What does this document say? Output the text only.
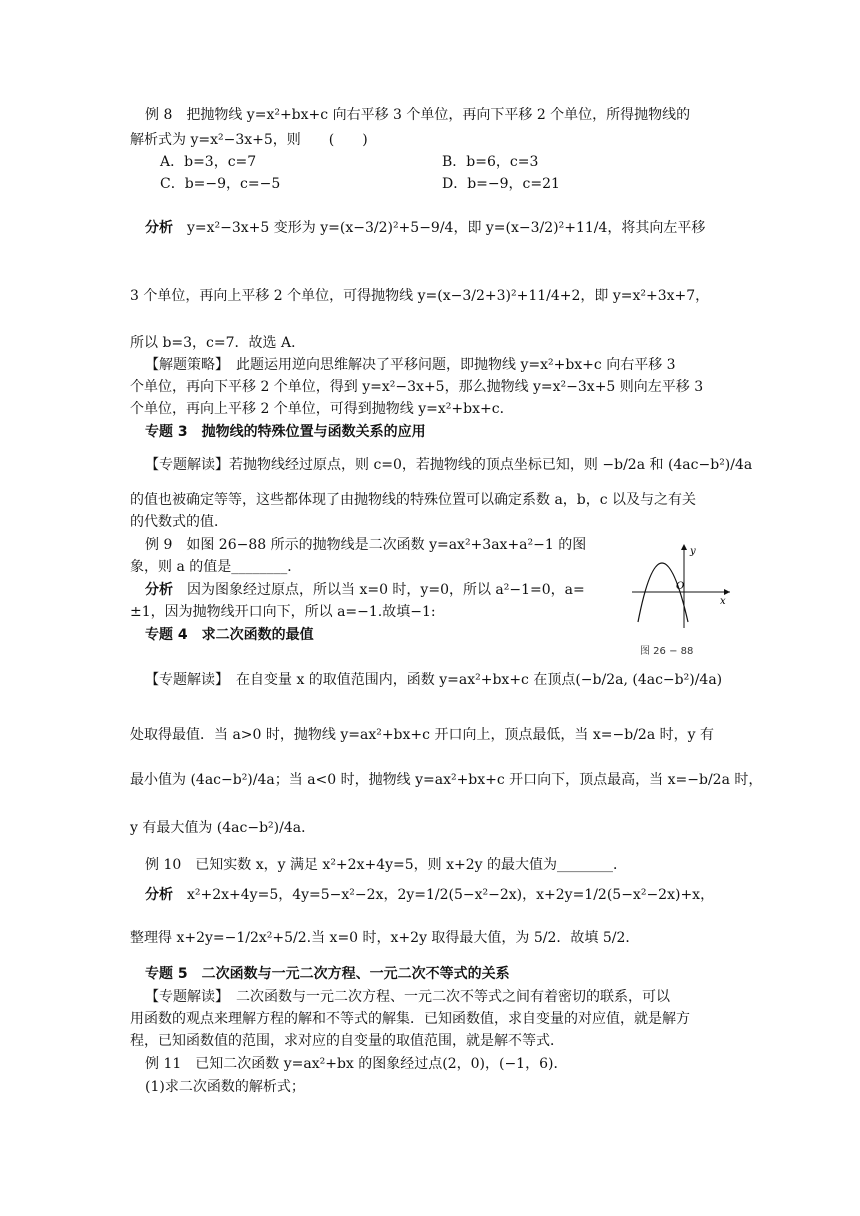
例 8　把抛物线 y=x²+bx+c 向右平移 3 个单位，再向下平移 2 个单位，所得抛物线的
解析式为 y=x²−3x+5，则　　(　　)
A．b=3，c=7	B．b=6，c=3
C．b=−9，c=−5	D．b=−9，c=21
分析　 y=x²−3x+5 变形为 y=(x−3/2)²+5−9/4，即 y=(x−3/2)²+11/4，将其向左平移
3 个单位，再向上平移 2 个单位，可得抛物线 y=(x−3/2+3)²+11/4+2，即 y=x²+3x+7，
所以 b=3，c=7．故选 A．
【解题策略】　 此题运用逆向思维解决了平移问题，即抛物线 y=x²+bx+c 向右平移 3
个单位，再向下平移 2 个单位，得到 y=x²−3x+5，那么抛物线 y=x²−3x+5 则向左平移 3
个单位，再向上平移 2 个单位，可得到抛物线 y=x²+bx+c．
专题 3　抛物线的特殊位置与函数关系的应用
【专题解读】若抛物线经过原点，则 c=0，若抛物线的顶点坐标已知，则 −b/2a 和 (4ac−b²)/4a
的值也被确定等等，这些都体现了由抛物线的特殊位置可以确定系数 a，b，c 以及与之有关
的代数式的值．
例 9　如图 26−88 所示的抛物线是二次函数 y=ax²+3ax+a²−1 的图
象，则 a 的值是________．
分析　 因为图象经过原点，所以当 x=0 时，y=0，所以 a²−1=0，a=
±1，因为抛物线开口向下，所以 a=−1.故填−1:
y
x
O
图 26 − 88
专题 4　求二次函数的最值
【专题解读】　 在自变量 x 的取值范围内，函数 y=ax²+bx+c 在顶点(−b/2a, (4ac−b²)/4a)
处取得最值．当 a>0 时，抛物线 y=ax²+bx+c 开口向上，顶点最低，当 x=−b/2a 时，y 有
最小值为 (4ac−b²)/4a；当 a<0 时，抛物线 y=ax²+bx+c 开口向下，顶点最高，当 x=−b/2a 时，
y 有最大值为 (4ac−b²)/4a．
例 10　已知实数 x，y 满足 x²+2x+4y=5，则 x+2y 的最大值为________．
分析　 x²+2x+4y=5，4y=5−x²−2x，2y=1/2(5−x²−2x)，x+2y=1/2(5−x²−2x)+x，
整理得 x+2y=−1/2x²+5/2.当 x=0 时，x+2y 取得最大值，为 5/2．故填 5/2．
专题 5　二次函数与一元二次方程、一元二次不等式的关系
【专题解读】　 二次函数与一元二次方程、一元二次不等式之间有着密切的联系，可以
用函数的观点来理解方程的解和不等式的解集．已知函数值，求自变量的对应值，就是解方
程，已知函数值的范围，求对应的自变量的取值范围，就是解不等式．
例 11　已知二次函数 y=ax²+bx 的图象经过点(2，0)，(−1，6)．
(1)求二次函数的解析式；
